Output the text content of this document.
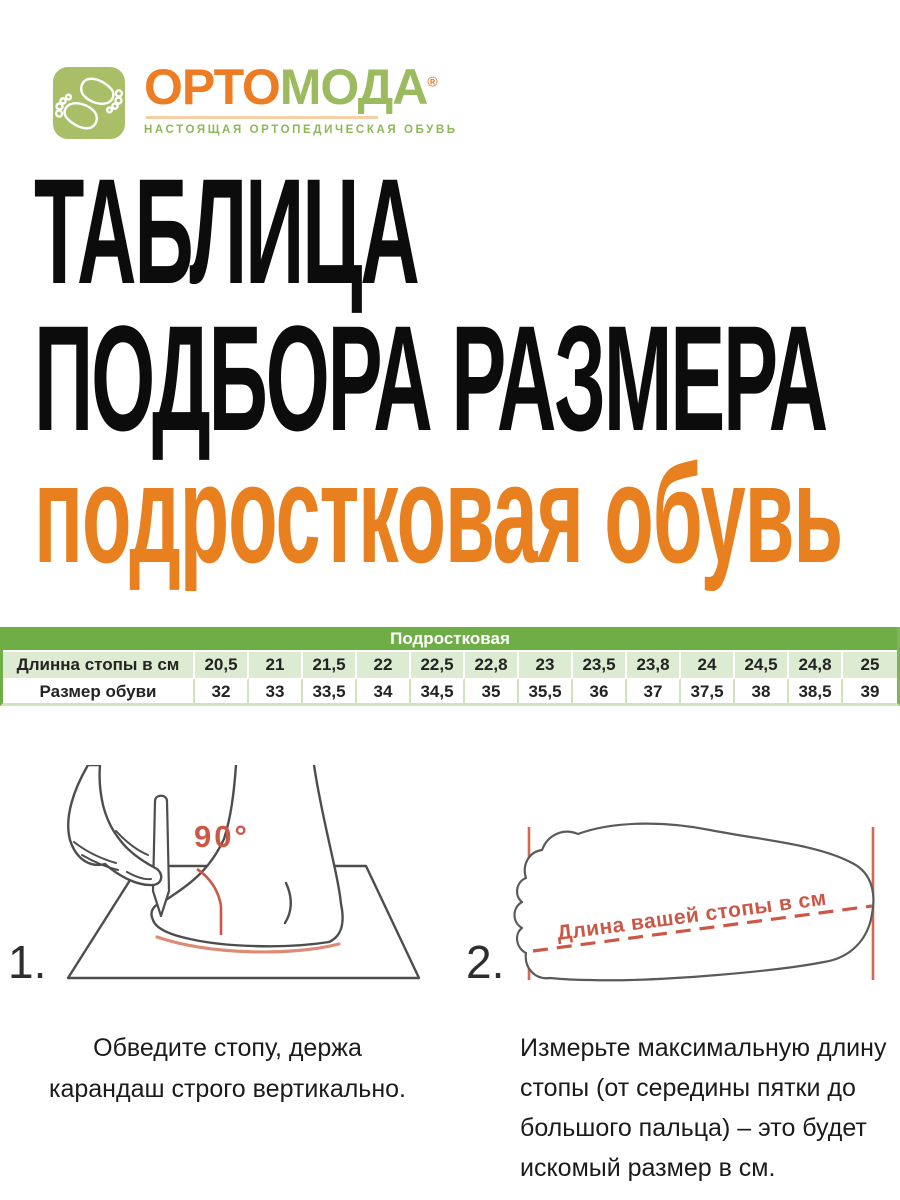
ОРТОМОДА®
НАСТОЯЩАЯ ОРТОПЕДИЧЕСКАЯ ОБУВЬ
ТАБЛИЦА
ПОДБОРА РАЗМЕРА
подростковая обувь
Подростковая													
Длинна стопы в см	20,5	21	21,5	22	22,5	22,8	23	23,5	23,8	24	24,5	24,8	25
Размер обуви	32	33	33,5	34	34,5	35	35,5	36	37	37,5	38	38,5	39
90°
Длина вашей стопы в см
1.	2.
Обведите стопу, держа карандаш строго вертикально.
Измерьте максимальную длину стопы (от середины пятки до большого пальца) – это будет искомый размер в см.
